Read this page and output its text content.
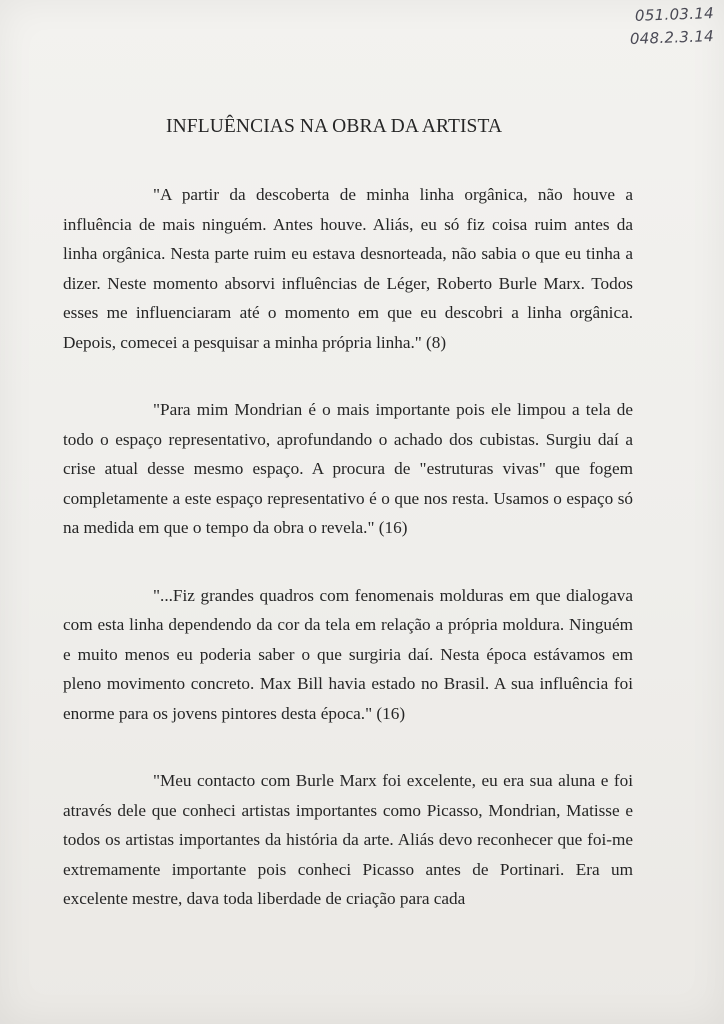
051.03.14
048.2.3.14
INFLUÊNCIAS NA OBRA DA ARTISTA

"A partir da descoberta de minha linha orgânica, não houve a influência de mais ninguém. Antes houve. Aliás, eu só fiz coisa ruim antes da linha orgânica. Nesta parte ruim eu estava desnorteada, não sabia o que eu tinha a dizer. Neste momento absorvi influências de Léger, Roberto Burle Marx. Todos esses me influenciaram até o momento em que eu descobri a linha orgânica. Depois, comecei a pesquisar a minha própria linha." (8)

"Para mim Mondrian é o mais importante pois ele limpou a tela de todo o espaço representativo, aprofundando o achado dos cubistas. Surgiu daí a crise atual desse mesmo espaço. A procura de "estruturas vivas" que fogem completamente a este espaço representativo é o que nos resta. Usamos o espaço só na medida em que o tempo da obra o revela." (16)

"...Fiz grandes quadros com fenomenais molduras em que dialogava com esta linha dependendo da cor da tela em relação a própria moldura. Ninguém e muito menos eu poderia saber o que surgiria daí. Nesta época estávamos em pleno movimento concreto. Max Bill havia estado no Brasil. A sua influência foi enorme para os jovens pintores desta época." (16)

"Meu contacto com Burle Marx foi excelente, eu era sua aluna e foi através dele que conheci artistas importantes como Picasso, Mondrian, Matisse e todos os artistas importantes da história da arte. Aliás devo reconhecer que foi-me extremamente importante pois conheci Picasso antes de Portinari. Era um excelente mestre, dava toda liberdade de criação para cada
